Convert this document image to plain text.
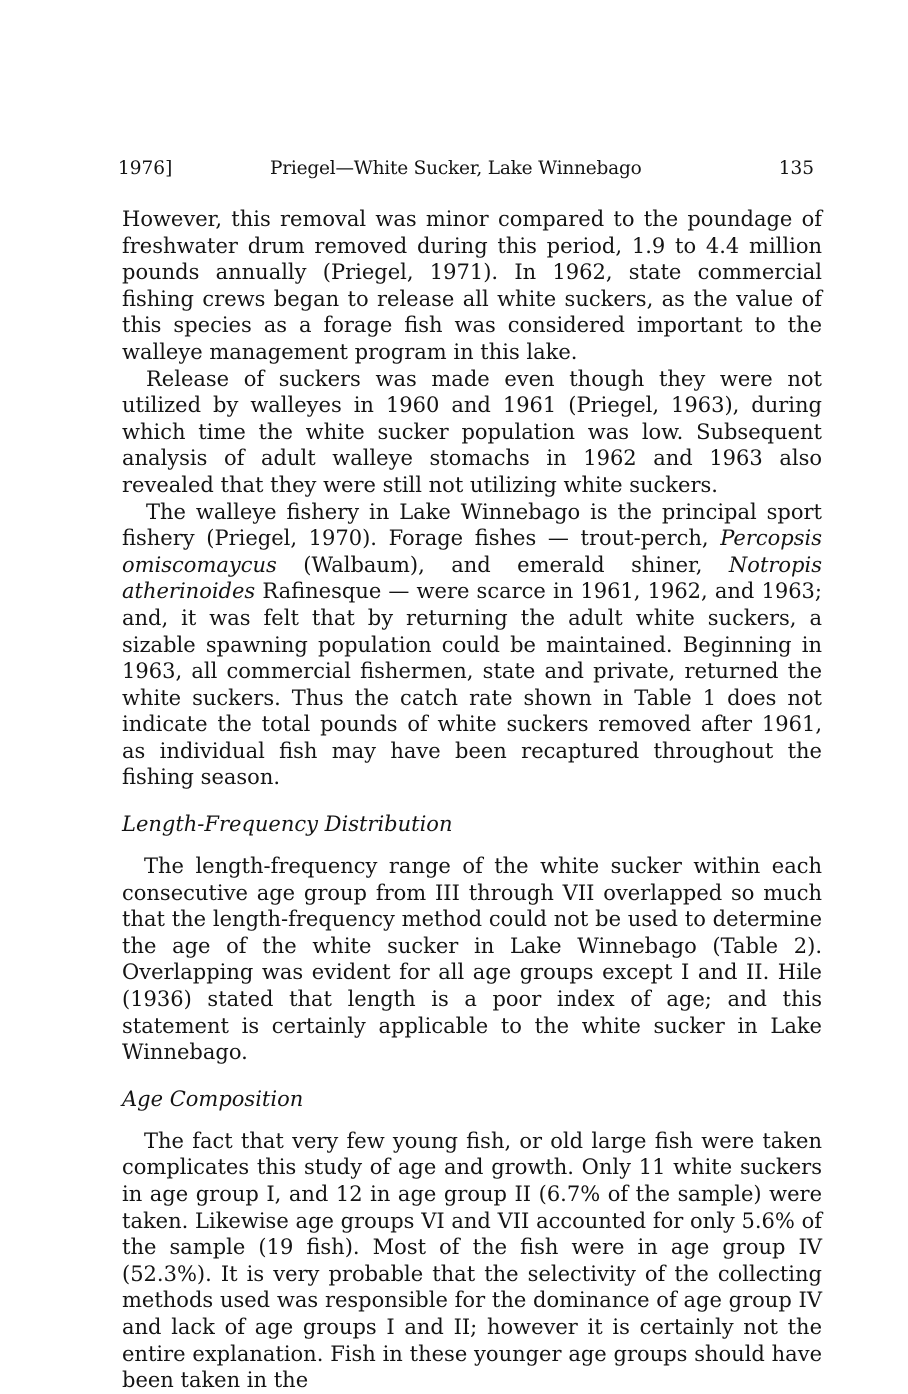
1976]	Priegel—White Sucker, Lake Winnebago	135

However, this removal was minor compared to the poundage of freshwater drum removed during this period, 1.9 to 4.4 million pounds annually (Priegel, 1971). In 1962, state commercial fishing crews began to release all white suckers, as the value of this species as a forage fish was considered important to the walleye management program in this lake.

Release of suckers was made even though they were not utilized by walleyes in 1960 and 1961 (Priegel, 1963), during which time the white sucker population was low. Subsequent analysis of adult walleye stomachs in 1962 and 1963 also revealed that they were still not utilizing white suckers.

The walleye fishery in Lake Winnebago is the principal sport fishery (Priegel, 1970). Forage fishes — trout-perch, Percopsis omiscomaycus (Walbaum), and emerald shiner, Notropis atherinoides Rafinesque — were scarce in 1961, 1962, and 1963; and, it was felt that by returning the adult white suckers, a sizable spawning population could be maintained. Beginning in 1963, all commercial fishermen, state and private, returned the white suckers. Thus the catch rate shown in Table 1 does not indicate the total pounds of white suckers removed after 1961, as individual fish may have been recaptured throughout the fishing season.

Length-Frequency Distribution

The length-frequency range of the white sucker within each consecutive age group from III through VII overlapped so much that the length-frequency method could not be used to determine the age of the white sucker in Lake Winnebago (Table 2). Overlapping was evident for all age groups except I and II. Hile (1936) stated that length is a poor index of age; and this statement is certainly applicable to the white sucker in Lake Winnebago.

Age Composition

The fact that very few young fish, or old large fish were taken complicates this study of age and growth. Only 11 white suckers in age group I, and 12 in age group II (6.7% of the sample) were taken. Likewise age groups VI and VII accounted for only 5.6% of the sample (19 fish). Most of the fish were in age group IV (52.3%). It is very probable that the selectivity of the collecting methods used was responsible for the dominance of age group IV and lack of age groups I and II; however it is certainly not the entire explanation. Fish in these younger age groups should have been taken in the
